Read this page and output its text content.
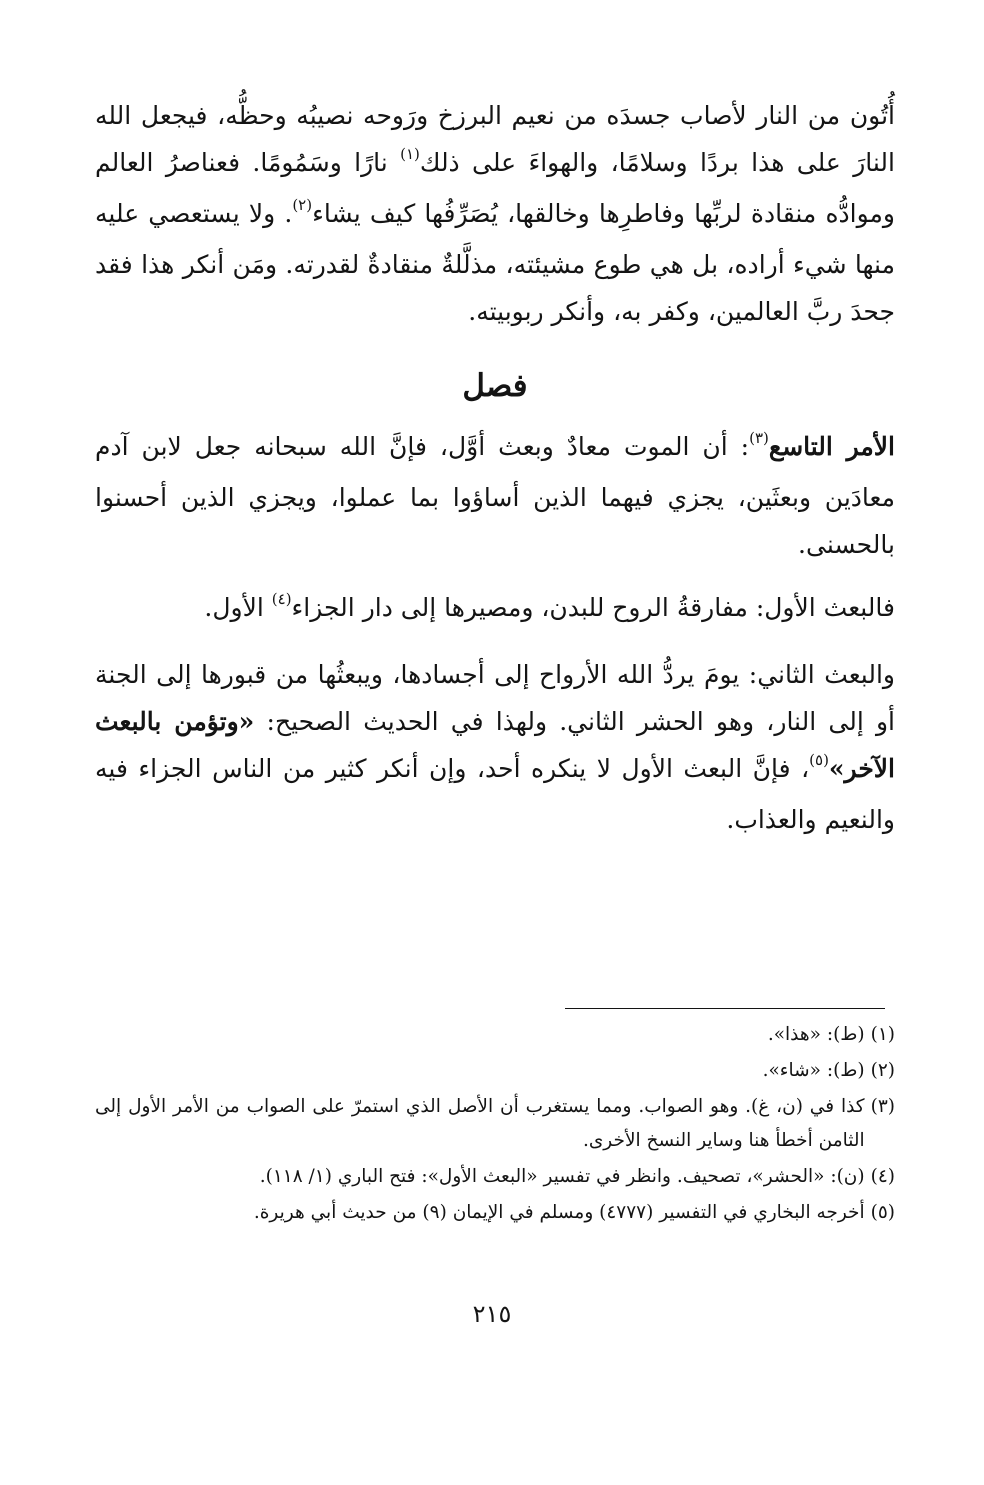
أُتُون من النار لأصاب جسدَه من نعيم البرزخ ورَوحه نصيبُه وحظُّه، فيجعل الله النارَ على هذا بردًا وسلامًا، والهواءَ على ذلك$^{(١)}$ نارًا وسَمُومًا. فعناصرُ العالم وموادُّه منقادة لربِّها وفاطرِها وخالقها، يُصَرِّفُها كيف يشاء$^{(٢)}$. ولا يستعصي عليه منها شيء أراده، بل هي طوع مشيئته، مذلَّلةٌ منقادةٌ لقدرته. ومَن أنكر هذا فقد جحدَ ربَّ العالمين، وكفر به، وأنكر ربوبيته.

فصل

الأمر التاسع$^{(٣)}$: أن الموت معادٌ وبعث أوَّل، فإنَّ الله سبحانه جعل لابن آدم معادَين وبعثَين، يجزي فيهما الذين أساؤوا بما عملوا، ويجزي الذين أحسنوا بالحسنى.

فالبعث الأول: مفارقةُ الروح للبدن، ومصيرها إلى دار الجزاء$^{(٤)}$ الأول.

والبعث الثاني: يومَ يردُّ الله الأرواح إلى أجسادها، ويبعثُها من قبورها إلى الجنة أو إلى النار، وهو الحشر الثاني. ولهذا في الحديث الصحيح: «وتؤمن بالبعث الآخر»$^{(٥)}$، فإنَّ البعث الأول لا ينكره أحد، وإن أنكر كثير من الناس الجزاء فيه والنعيم والعذاب.

(١)
(ط): «هذا».
(٢)
(ط): «شاء».
(٣)
كذا في (ن، غ). وهو الصواب. ومما يستغرب أن الأصل الذي استمرّ على الصواب من الأمر الأول إلى الثامن أخطأ هنا وساير النسخ الأخرى.
(٤)
(ن): «الحشر»، تصحيف. وانظر في تفسير «البعث الأول»: فتح الباري (١/ ١١٨).
(٥)
أخرجه البخاري في التفسير (٤٧٧٧) ومسلم في الإيمان (٩) من حديث أبي هريرة.
٢١٥
